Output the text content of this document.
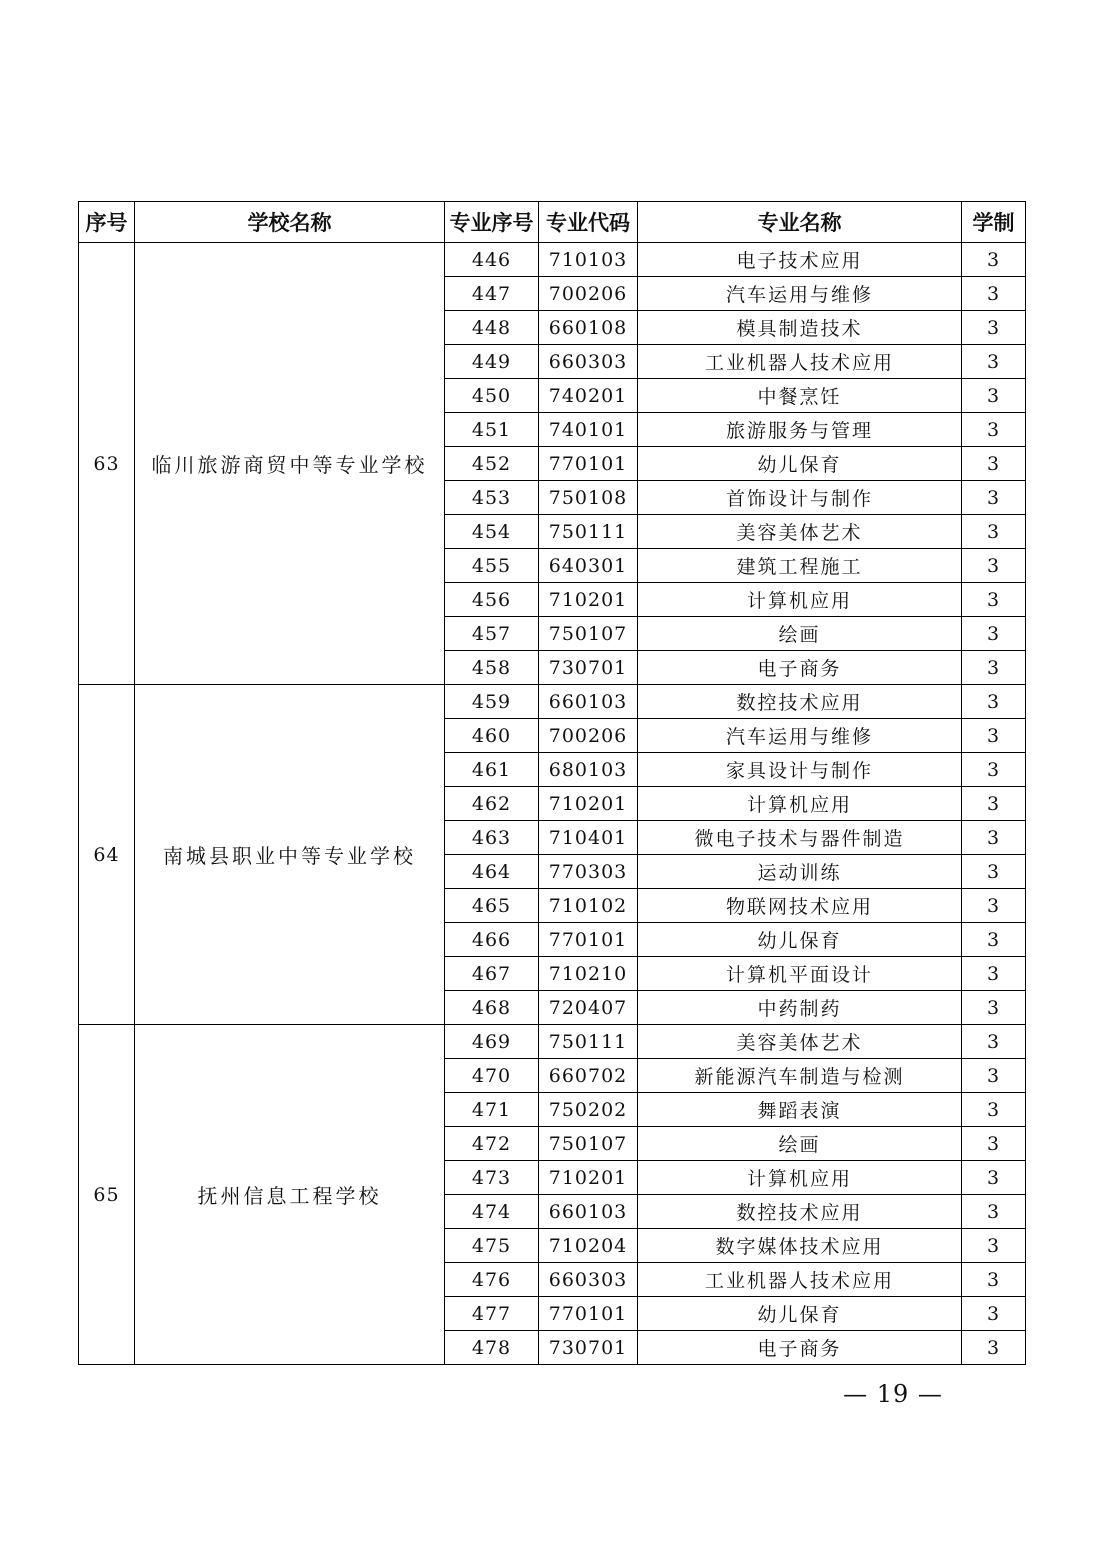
序号	学校名称	专业序号	专业代码	专业名称	学制
63	临川旅游商贸中等专业学校	446	710103	电子技术应用	3
		447	700206	汽车运用与维修	3
		448	660108	模具制造技术	3
		449	660303	工业机器人技术应用	3
		450	740201	中餐烹饪	3
		451	740101	旅游服务与管理	3
		452	770101	幼儿保育	3
		453	750108	首饰设计与制作	3
		454	750111	美容美体艺术	3
		455	640301	建筑工程施工	3
		456	710201	计算机应用	3
		457	750107	绘画	3
		458	730701	电子商务	3
64	南城县职业中等专业学校	459	660103	数控技术应用	3
		460	700206	汽车运用与维修	3
		461	680103	家具设计与制作	3
		462	710201	计算机应用	3
		463	710401	微电子技术与器件制造	3
		464	770303	运动训练	3
		465	710102	物联网技术应用	3
		466	770101	幼儿保育	3
		467	710210	计算机平面设计	3
		468	720407	中药制药	3
65	抚州信息工程学校	469	750111	美容美体艺术	3
		470	660702	新能源汽车制造与检测	3
		471	750202	舞蹈表演	3
		472	750107	绘画	3
		473	710201	计算机应用	3
		474	660103	数控技术应用	3
		475	710204	数字媒体技术应用	3
		476	660303	工业机器人技术应用	3
		477	770101	幼儿保育	3
		478	730701	电子商务	3
— 19 —
